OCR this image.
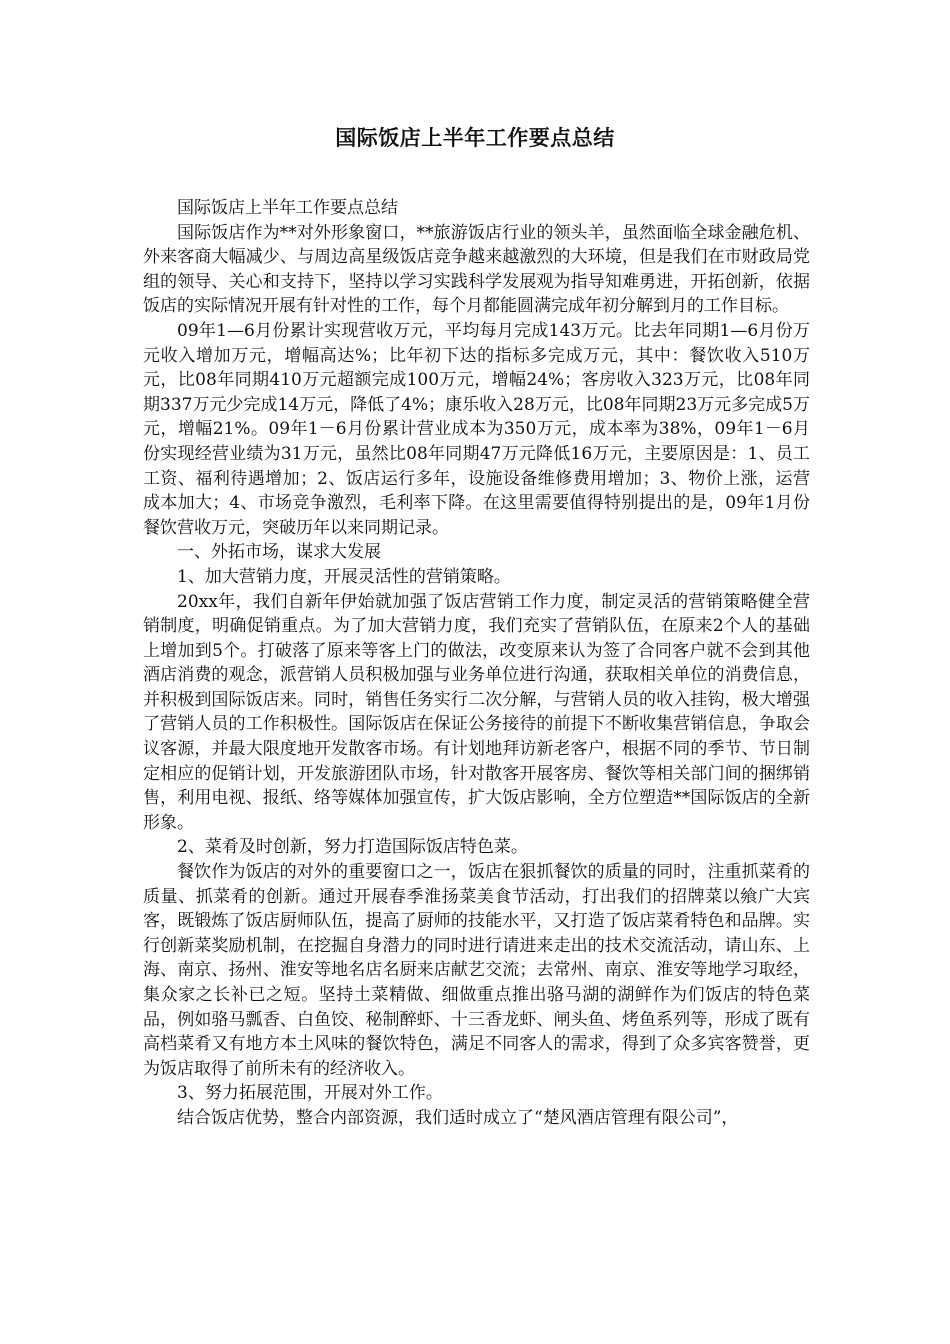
国际饭店上半年工作要点总结

国际饭店上半年工作要点总结

国际饭店作为**对外形象窗口，**旅游饭店行业的领头羊，虽然面临全球金融危机、外来客商大幅减少、与周边高星级饭店竞争越来越激烈的大环境，但是我们在市财政局党组的领导、关心和支持下，坚持以学习实践科学发展观为指导知难勇进，开拓创新，依据饭店的实际情况开展有针对性的工作，每个月都能圆满完成年初分解到月的工作目标。

09年1—6月份累计实现营收万元，平均每月完成143万元。比去年同期1—6月份万元收入增加万元，增幅高达%；比年初下达的指标多完成万元，其中：餐饮收入510万元，比08年同期410万元超额完成100万元，增幅24%；客房收入323万元，比08年同期337万元少完成14万元，降低了4%；康乐收入28万元，比08年同期23万元多完成5万元，增幅21%。09年1－6月份累计营业成本为350万元，成本率为38%，09年1－6月份实现经营业绩为31万元，虽然比08年同期47万元降低16万元，主要原因是：1、员工工资、福利待遇增加；2、饭店运行多年，设施设备维修费用增加；3、物价上涨，运营成本加大；4、市场竞争激烈，毛利率下降。在这里需要值得特别提出的是，09年1月份餐饮营收万元，突破历年以来同期记录。

一、外拓市场，谋求大发展

1、加大营销力度，开展灵活性的营销策略。

20xx年，我们自新年伊始就加强了饭店营销工作力度，制定灵活的营销策略健全营销制度，明确促销重点。为了加大营销力度，我们充实了营销队伍，在原来2个人的基础上增加到5个。打破落了原来等客上门的做法，改变原来认为签了合同客户就不会到其他酒店消费的观念，派营销人员积极加强与业务单位进行沟通，获取相关单位的消费信息，并积极到国际饭店来。同时，销售任务实行二次分解，与营销人员的收入挂钩，极大增强了营销人员的工作积极性。国际饭店在保证公务接待的前提下不断收集营销信息，争取会议客源，并最大限度地开发散客市场。有计划地拜访新老客户，根据不同的季节、节日制定相应的促销计划，开发旅游团队市场，针对散客开展客房、餐饮等相关部门间的捆绑销售，利用电视、报纸、络等媒体加强宣传，扩大饭店影响，全方位塑造**国际饭店的全新形象。

2、菜肴及时创新，努力打造国际饭店特色菜。

餐饮作为饭店的对外的重要窗口之一，饭店在狠抓餐饮的质量的同时，注重抓菜肴的质量、抓菜肴的创新。通过开展春季淮扬菜美食节活动，打出我们的招牌菜以飨广大宾客，既锻炼了饭店厨师队伍，提高了厨师的技能水平，又打造了饭店菜肴特色和品牌。实行创新菜奖励机制，在挖掘自身潜力的同时进行请进来走出的技术交流活动，请山东、上海、南京、扬州、淮安等地名店名厨来店献艺交流；去常州、南京、淮安等地学习取经，集众家之长补已之短。坚持土菜精做、细做重点推出骆马湖的湖鲜作为们饭店的特色菜品，例如骆马瓢香、白鱼饺、秘制醉虾、十三香龙虾、闸头鱼、烤鱼系列等，形成了既有高档菜肴又有地方本土风味的餐饮特色，满足不同客人的需求，得到了众多宾客赞誉，更为饭店取得了前所未有的经济收入。

3、努力拓展范围，开展对外工作。

结合饭店优势，整合内部资源，我们适时成立了“楚风酒店管理有限公司”，
